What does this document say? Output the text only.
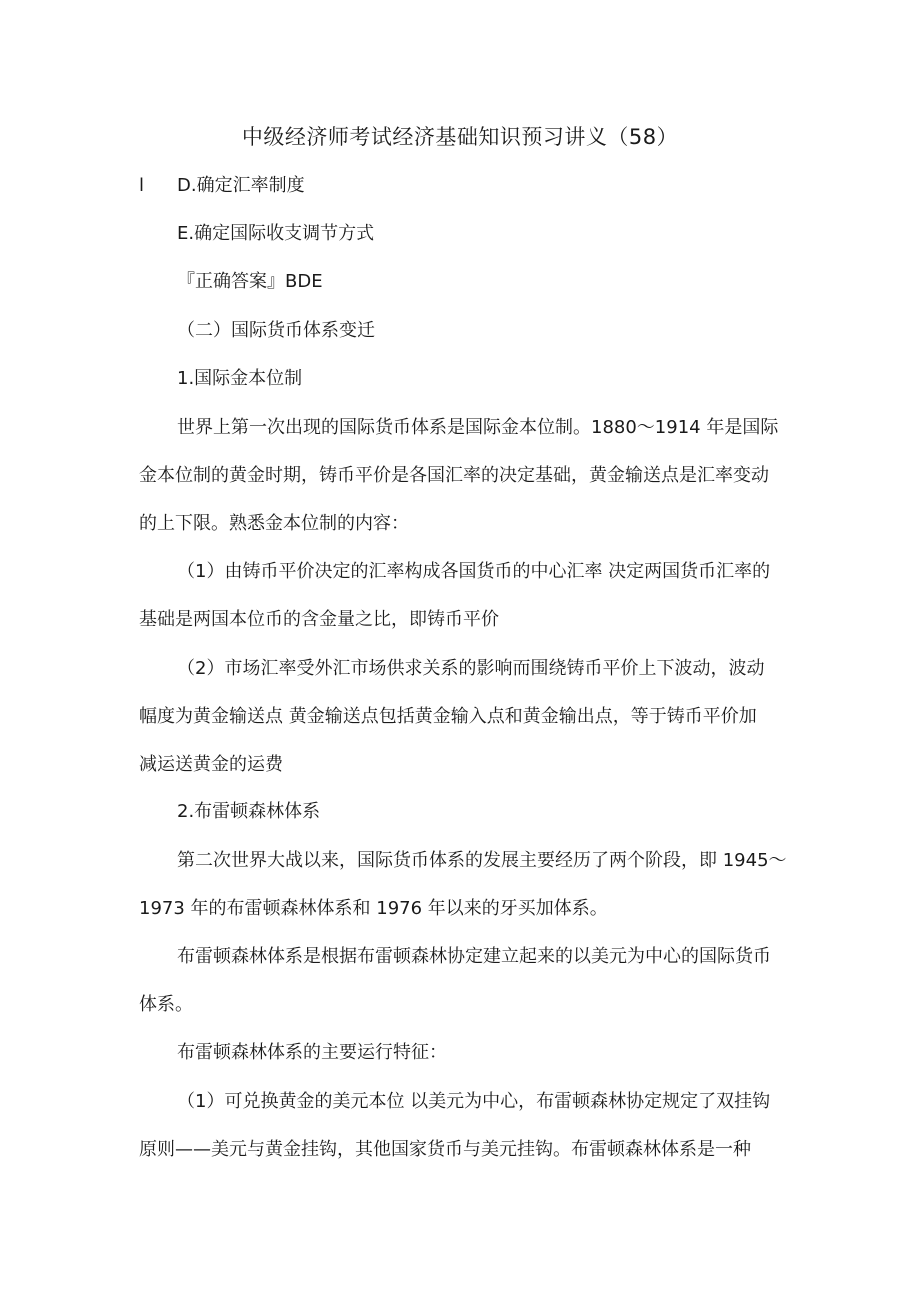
中级经济师考试经济基础知识预习讲义（58）
l D.确定汇率制度
E.确定国际收支调节方式
『正确答案』BDE
（二）国际货币体系变迁
1.国际金本位制
世界上第一次出现的国际货币体系是国际金本位制。1880～1914 年是国际
金本位制的黄金时期，铸币平价是各国汇率的决定基础，黄金输送点是汇率变动
的上下限。熟悉金本位制的内容：
（1）由铸币平价决定的汇率构成各国货币的中心汇率 决定两国货币汇率的
基础是两国本位币的含金量之比，即铸币平价
（2）市场汇率受外汇市场供求关系的影响而围绕铸币平价上下波动，波动
幅度为黄金输送点 黄金输送点包括黄金输入点和黄金输出点，等于铸币平价加
减运送黄金的运费
2.布雷顿森林体系
第二次世界大战以来，国际货币体系的发展主要经历了两个阶段，即 1945～
1973 年的布雷顿森林体系和 1976 年以来的牙买加体系。
布雷顿森林体系是根据布雷顿森林协定建立起来的以美元为中心的国际货币
体系。
布雷顿森林体系的主要运行特征：
（1）可兑换黄金的美元本位 以美元为中心，布雷顿森林协定规定了双挂钩
原则——美元与黄金挂钩，其他国家货币与美元挂钩。布雷顿森林体系是一种
